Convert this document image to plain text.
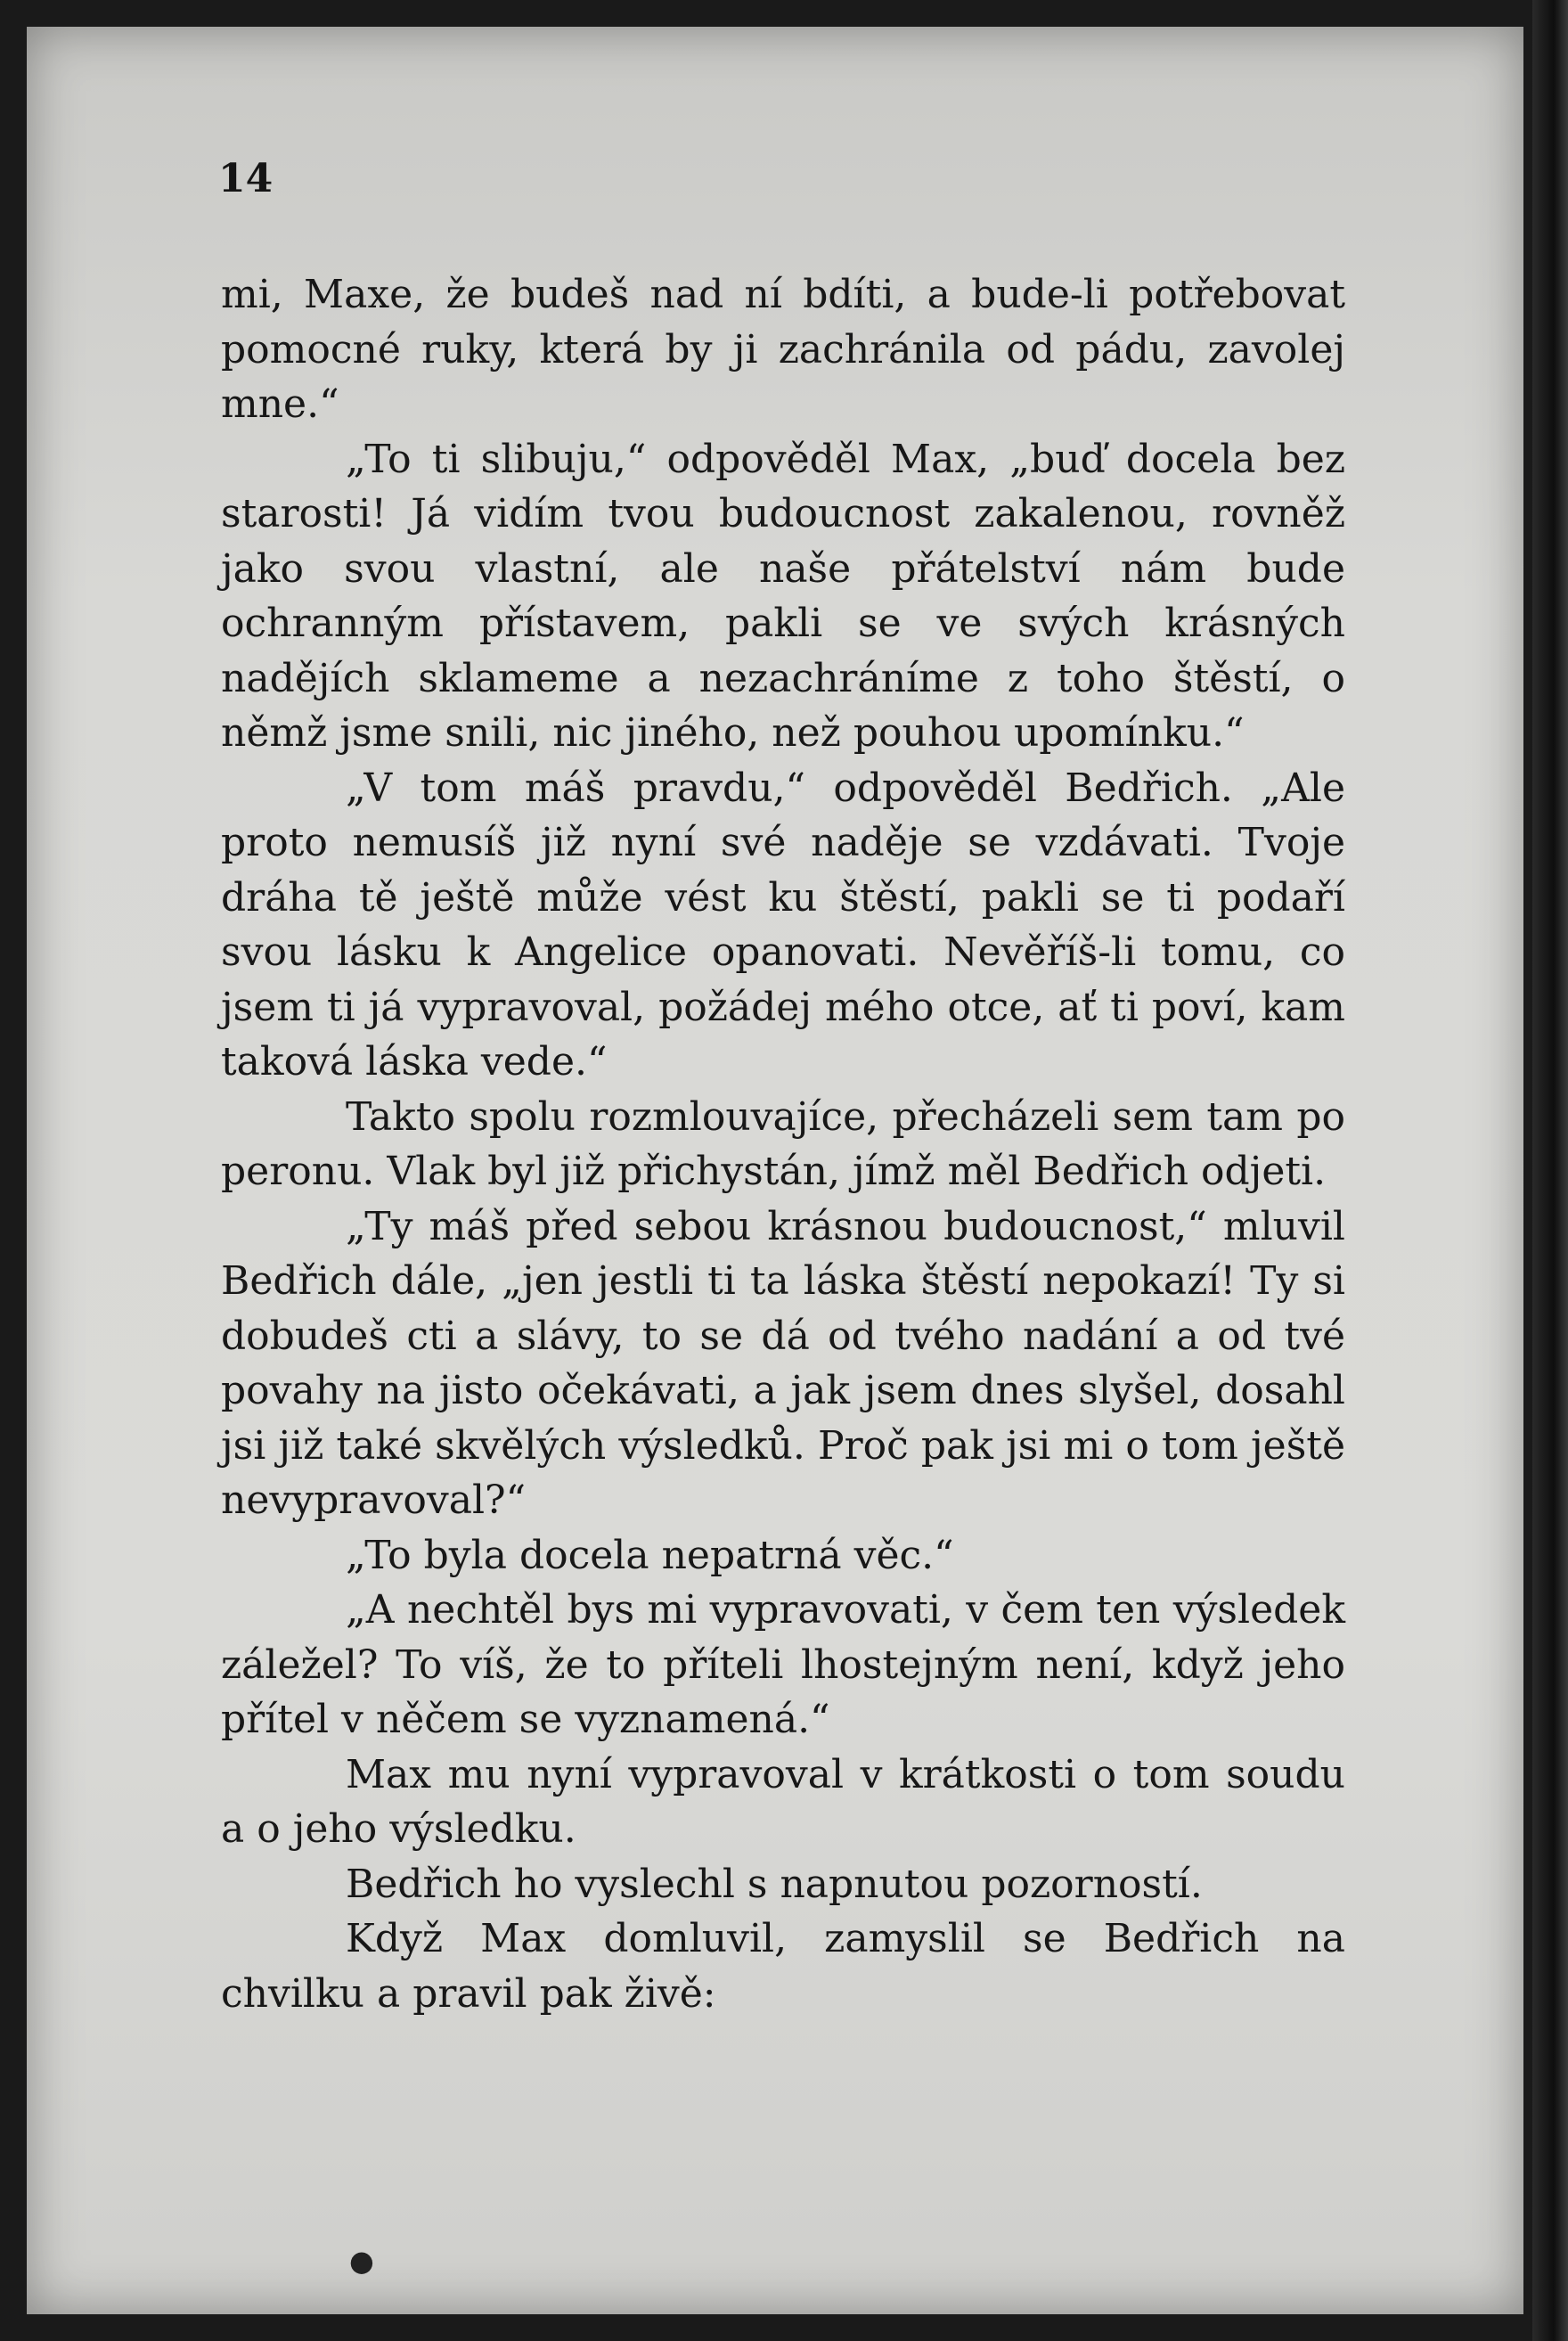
14

mi, Maxe, že budeš nad ní bdíti, a bude-li potřebovat pomocné ruky, která by ji zachránila od pádu, zavolej mne.“

„To ti slibuju,“ odpověděl Max, „buď docela bez starosti! Já vidím tvou budoucnost zakalenou, rovněž jako svou vlastní, ale naše přátelství nám bude ochranným přístavem, pakli se ve svých krásných nadějích sklameme a nezachráníme z toho štěstí, o němž jsme snili, nic jiného, než pouhou upomínku.“

„V tom máš pravdu,“ odpověděl Bedřich. „Ale proto nemusíš již nyní své naděje se vzdávati. Tvoje dráha tě ještě může vést ku štěstí, pakli se ti podaří svou lásku k Angelice opanovati. Nevěříš-li tomu, co jsem ti já vypravoval, požádej mého otce, ať ti poví, kam taková láska vede.“

Takto spolu rozmlouvajíce, přecházeli sem tam po peronu. Vlak byl již přichystán, jímž měl Bedřich odjeti.

„Ty máš před sebou krásnou budoucnost,“ mluvil Bedřich dále, „jen jestli ti ta láska štěstí nepokazí! Ty si dobudeš cti a slávy, to se dá od tvého nadání a od tvé povahy na jisto očekávati, a jak jsem dnes slyšel, dosahl jsi již také skvělých výsledků. Proč pak jsi mi o tom ještě nevypravoval?“

„To byla docela nepatrná věc.“

„A nechtěl bys mi vypravovati, v čem ten výsledek záležel? To víš, že to příteli lhostejným není, když jeho přítel v něčem se vyznamená.“

Max mu nyní vypravoval v krátkosti o tom soudu a o jeho výsledku.

Bedřich ho vyslechl s napnutou pozorností.

Když Max domluvil, zamyslil se Bedřich na chvilku a pravil pak živě:

●
